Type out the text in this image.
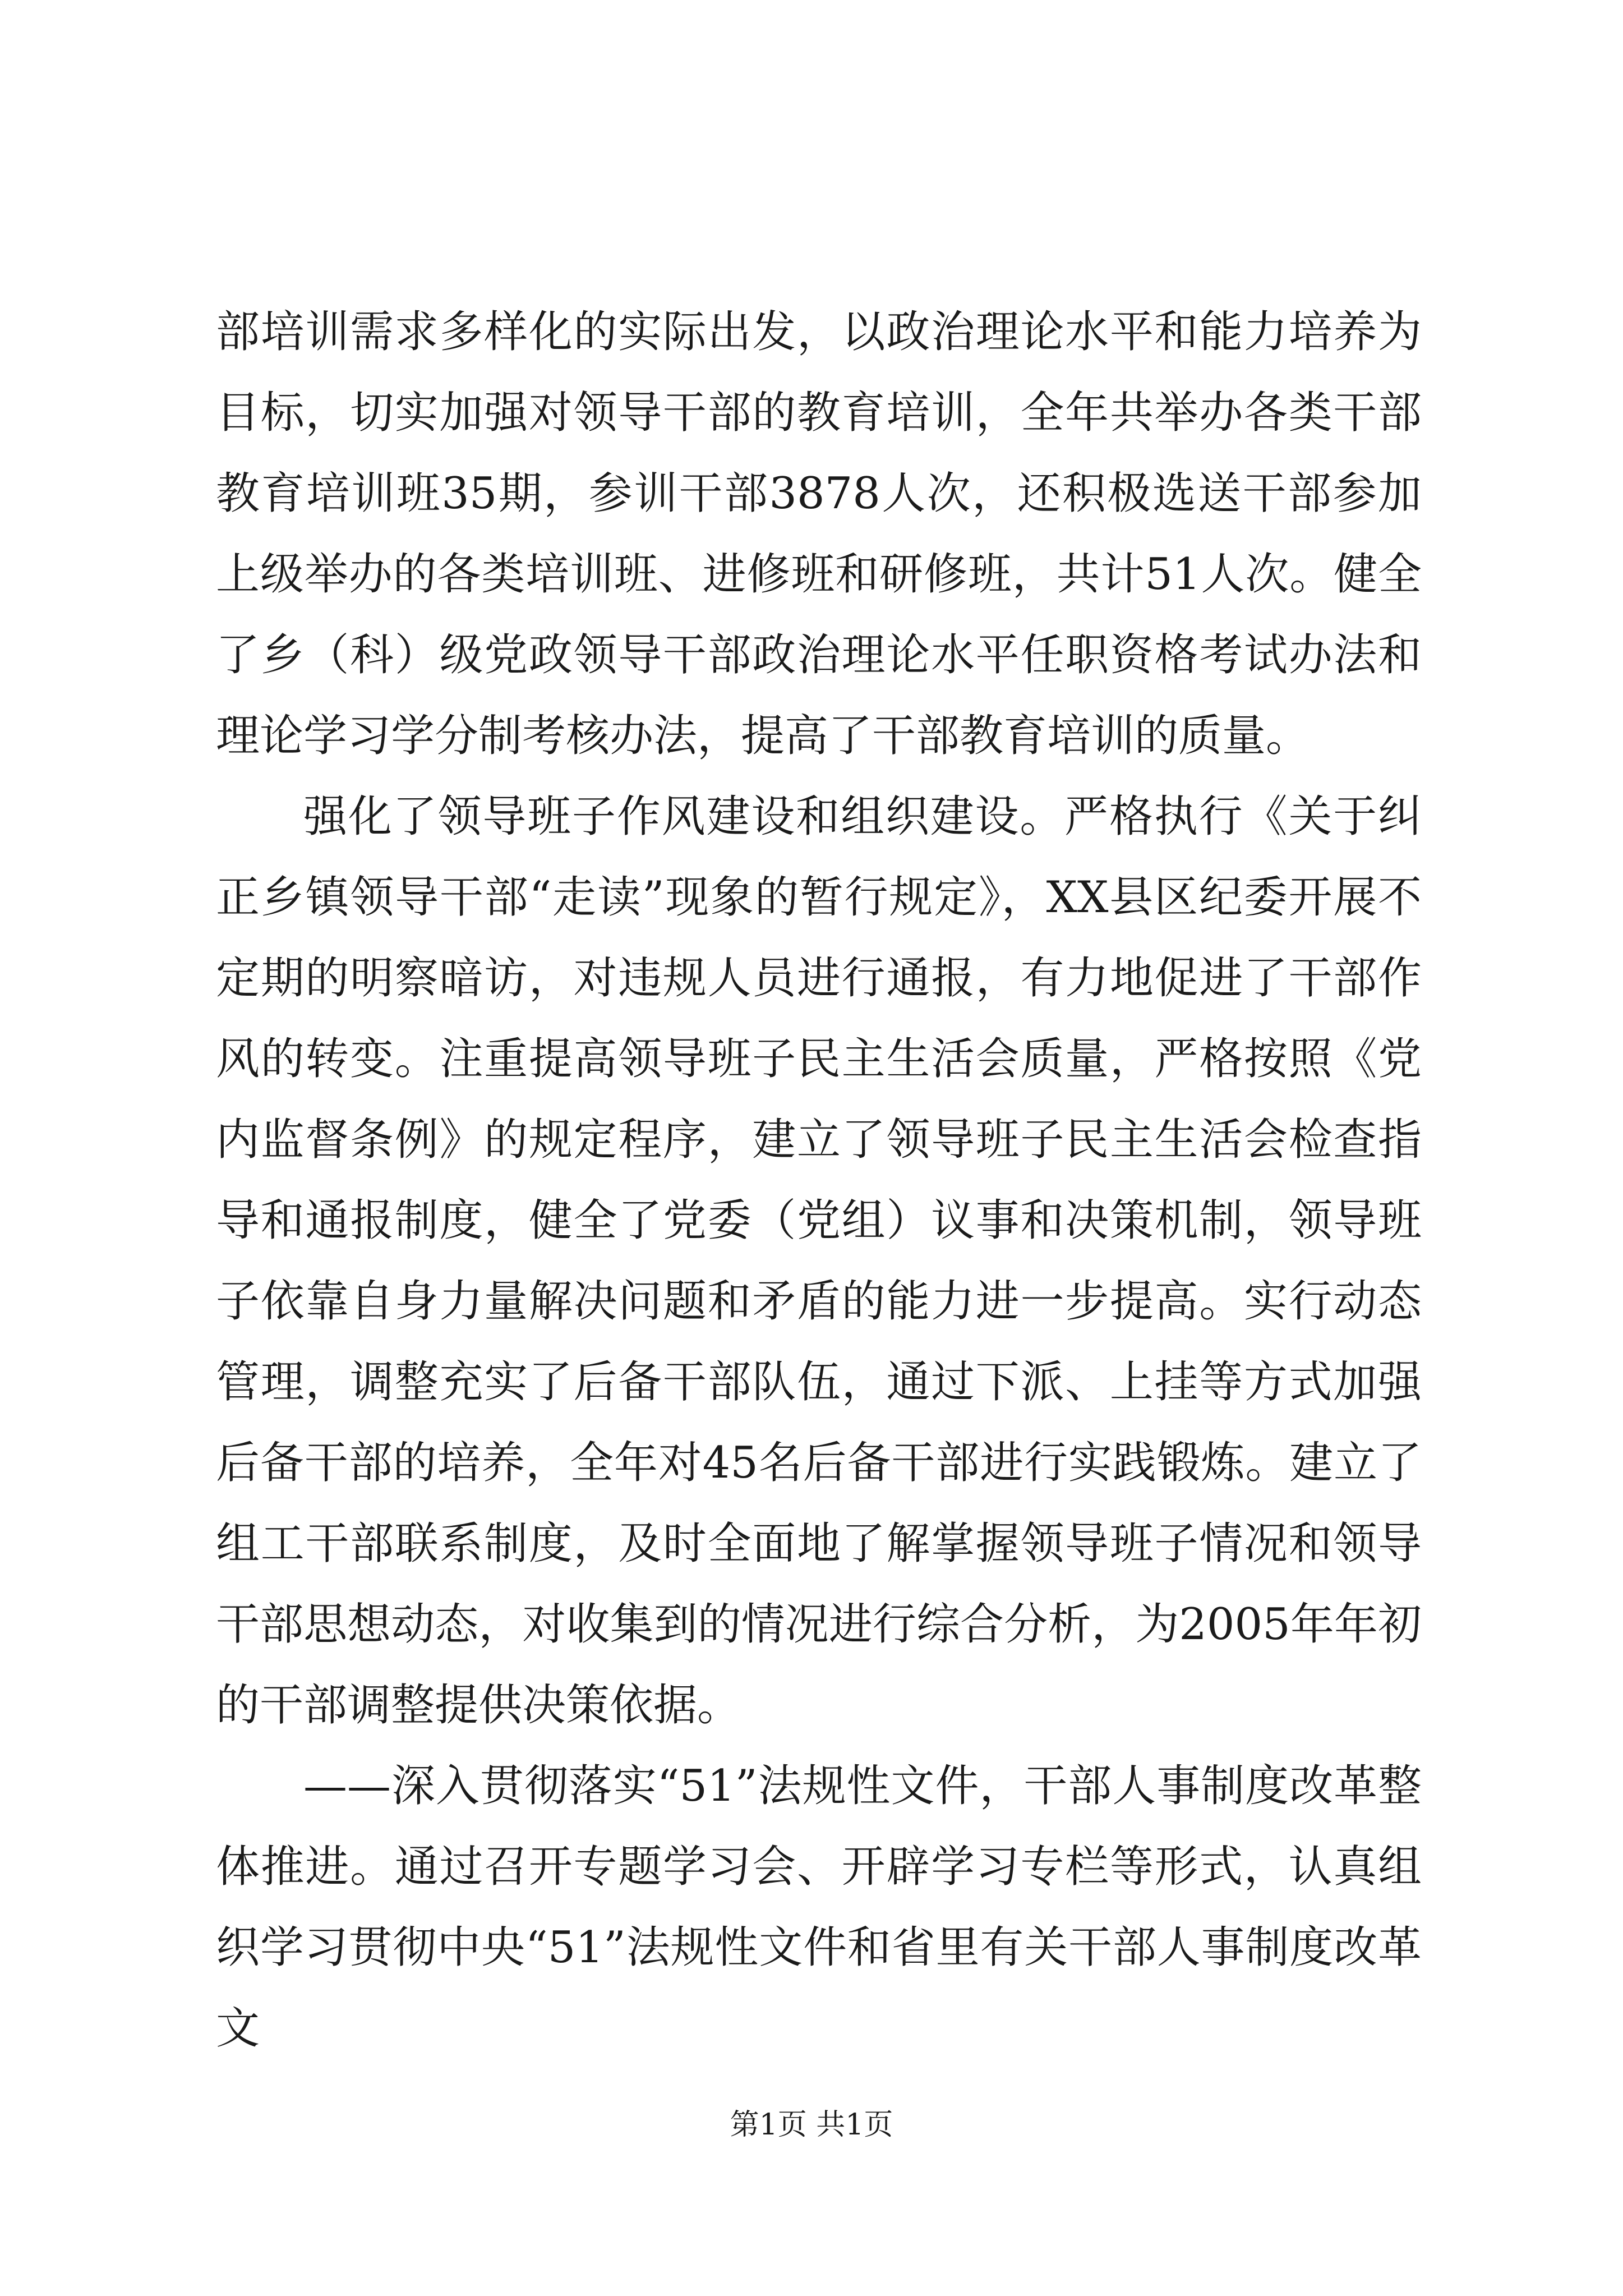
部培训需求多样化的实际出发，以政治理论水平和能力培养为目标，切实加强对领导干部的教育培训，全年共举办各类干部教育培训班35期，参训干部3878人次，还积极选送干部参加上级举办的各类培训班、进修班和研修班，共计51人次。健全了乡（科）级党政领导干部政治理论水平任职资格考试办法和理论学习学分制考核办法，提高了干部教育培训的质量。

强化了领导班子作风建设和组织建设。严格执行《关于纠正乡镇领导干部“走读”现象的暂行规定》，XX县区纪委开展不定期的明察暗访，对违规人员进行通报，有力地促进了干部作风的转变。注重提高领导班子民主生活会质量，严格按照《党内监督条例》的规定程序，建立了领导班子民主生活会检查指导和通报制度，健全了党委（党组）议事和决策机制，领导班子依靠自身力量解决问题和矛盾的能力进一步提高。实行动态管理，调整充实了后备干部队伍，通过下派、上挂等方式加强后备干部的培养，全年对45名后备干部进行实践锻炼。建立了组工干部联系制度，及时全面地了解掌握领导班子情况和领导干部思想动态，对收集到的情况进行综合分析，为2005年年初的干部调整提供决策依据。

——深入贯彻落实“51”法规性文件，干部人事制度改革整体推进。通过召开专题学习会、开辟学习专栏等形式，认真组织学习贯彻中央“51”法规性文件和省里有关干部人事制度改革文

第1页 共1页
